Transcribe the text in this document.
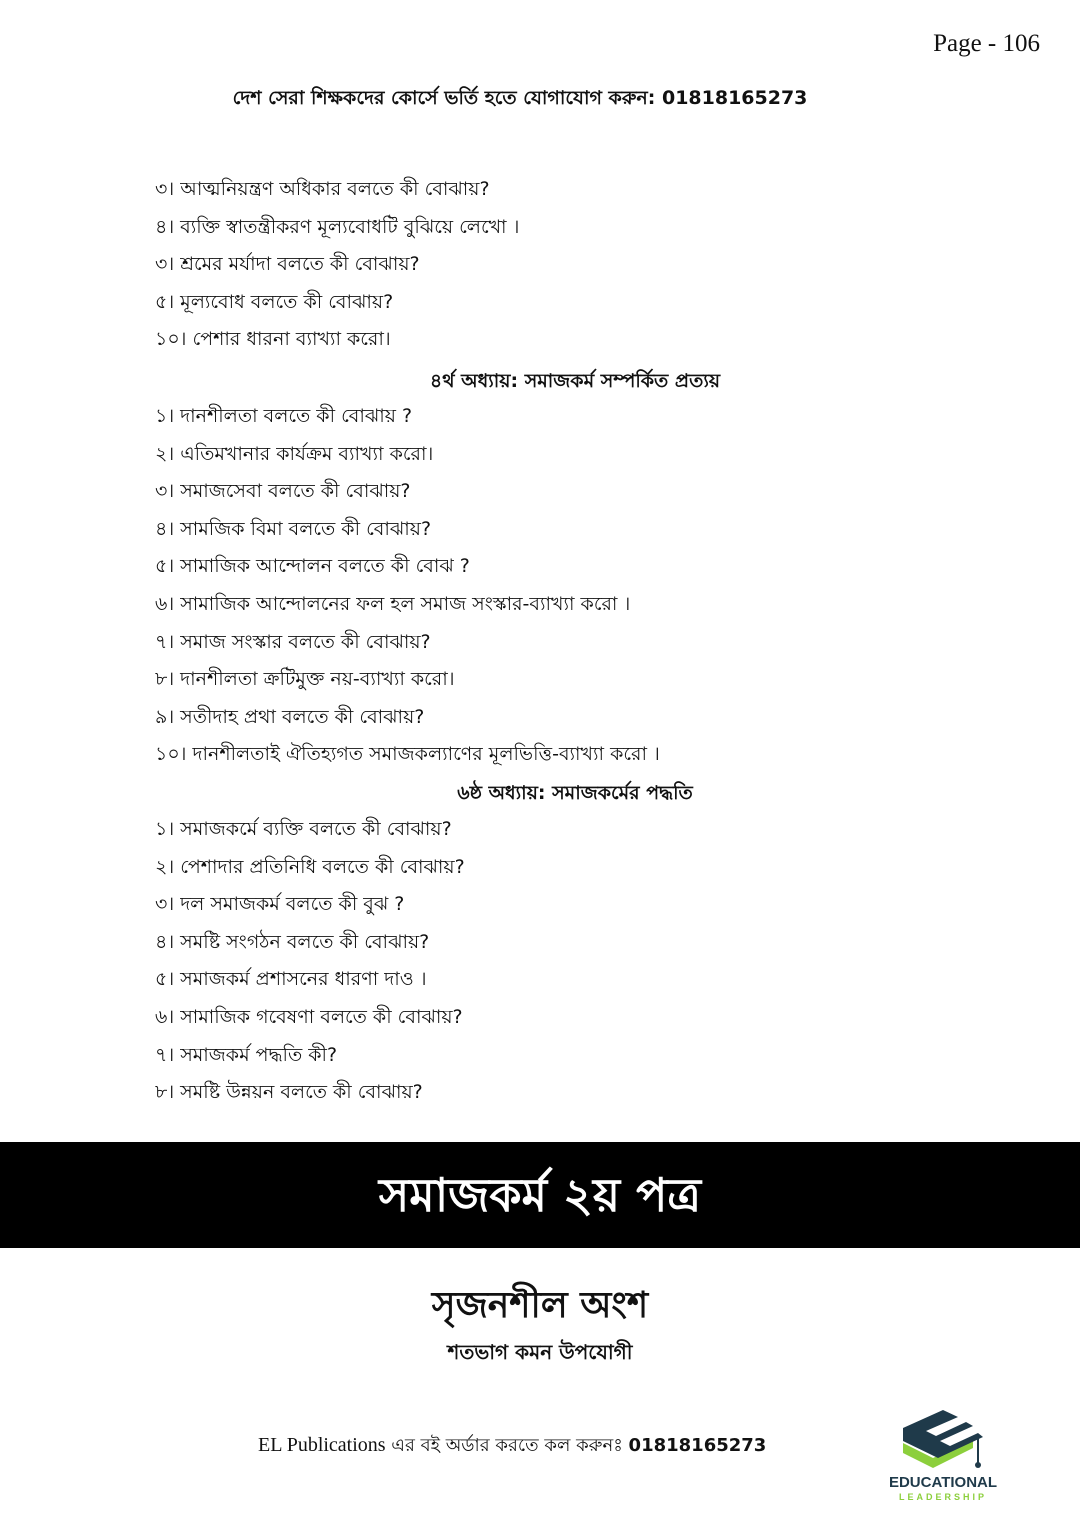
Page - 106
দেশ সেরা শিক্ষকদের কোর্সে ভর্তি হতে যোগাযোগ করুন: 01818165273
৩। আত্মনিয়ন্ত্রণ অধিকার বলতে কী বোঝায়?
৪। ব্যক্তি স্বাতন্ত্রীকরণ মূল্যবোধটি বুঝিয়ে লেখো ।
৩। শ্রমের মর্যাদা বলতে কী বোঝায়?
৫। মূল্যবোধ বলতে কী বোঝায়?
১০। পেশার ধারনা ব্যাখ্যা করো।
৪র্থ অধ্যায়: সমাজকর্ম সম্পর্কিত প্রত্যয়
১। দানশীলতা বলতে কী বোঝায় ?
২। এতিমখানার কার্যক্রম ব্যাখ্যা করো।
৩। সমাজসেবা বলতে কী বোঝায়?
৪। সামজিক বিমা বলতে কী বোঝায়?
৫। সামাজিক আন্দোলন বলতে কী বোঝ ?
৬। সামাজিক আন্দোলনের ফল হল সমাজ সংস্কার-ব্যাখ্যা করো ।
৭। সমাজ সংস্কার বলতে কী বোঝায়?
৮। দানশীলতা ক্রটিমুক্ত নয়-ব্যাখ্যা করো।
৯। সতীদাহ প্রথা বলতে কী বোঝায়?
১০। দানশীলতাই ঐতিহ্যগত সমাজকল্যাণের মূলভিত্তি-ব্যাখ্যা করো ।
৬ষ্ঠ অধ্যায়: সমাজকর্মের পদ্ধতি
১। সমাজকর্মে ব্যক্তি বলতে কী বোঝায়?
২। পেশাদার প্রতিনিধি বলতে কী বোঝায়?
৩। দল সমাজকর্ম বলতে কী বুঝ ?
৪। সমষ্টি সংগঠন বলতে কী বোঝায়?
৫। সমাজকর্ম প্রশাসনের ধারণা দাও ।
৬। সামাজিক গবেষণা বলতে কী বোঝায়?
৭। সমাজকর্ম পদ্ধতি কী?
৮। সমষ্টি উন্নয়ন বলতে কী বোঝায়?
সমাজকর্ম ২য় পত্র
সৃজনশীল অংশ
শতভাগ কমন উপযোগী
EL Publications এর বই অর্ডার করতে কল করুনঃ 01818165273
EDUCATIONAL
LEADERSHIP
